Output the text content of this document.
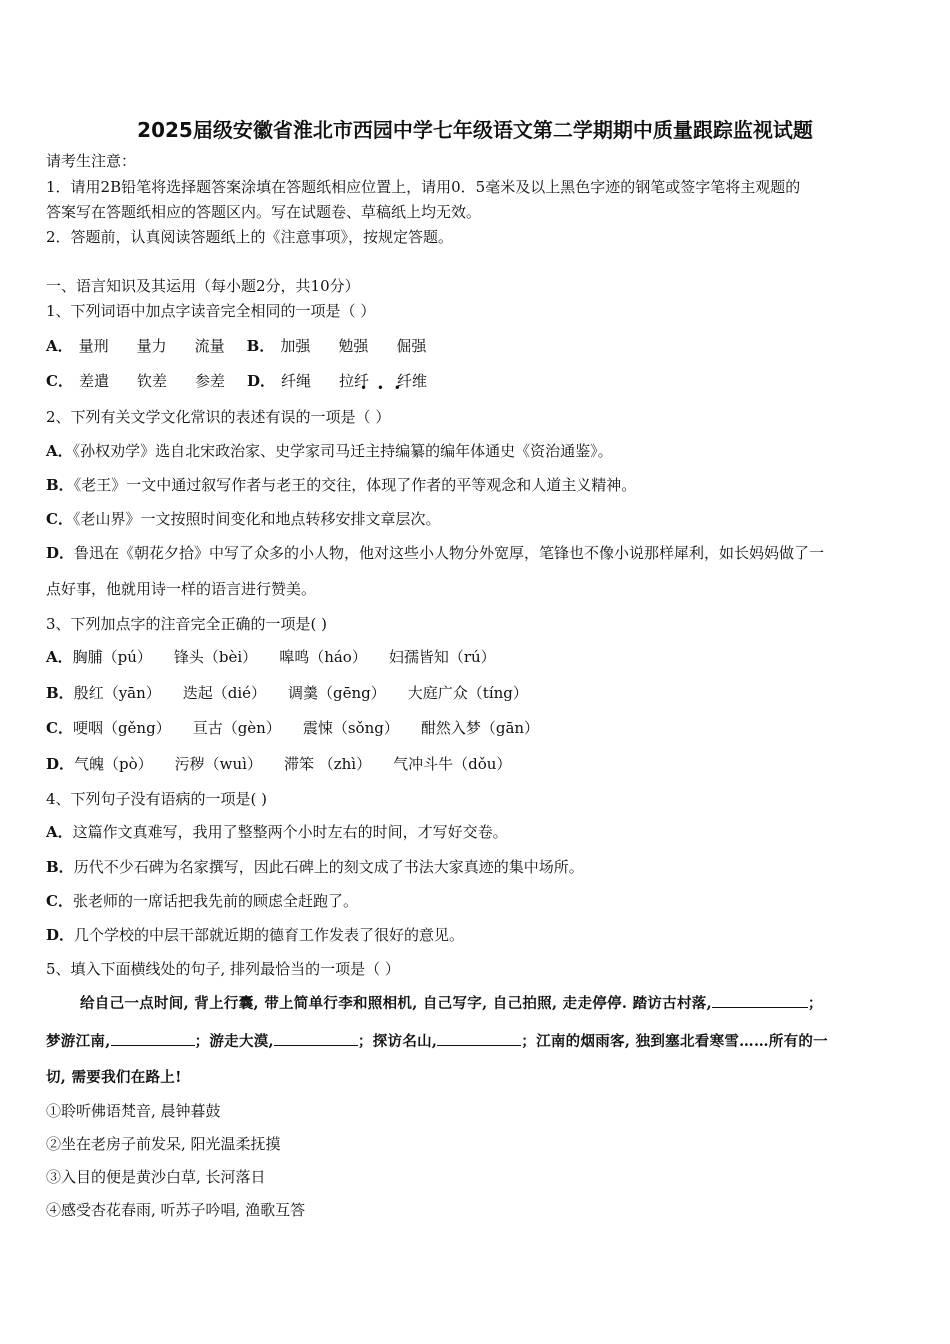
2025届级安徽省淮北市西园中学七年级语文第二学期期中质量跟踪监视试题
请考生注意：
1．请用2B铅笔将选择题答案涂填在答题纸相应位置上，请用0．5毫米及以上黑色字迹的钢笔或签字笔将主观题的
答案写在答题纸相应的答题区内。写在试题卷、草稿纸上均无效。
2．答题前，认真阅读答题纸上的《注意事项》，按规定答题。
一、语言知识及其运用（每小题2分，共10分）
1、下列词语中加点字读音完全相同的一项是（ ）
A． 量刑 量力 流量 B． 加强 勉强 倔强
C． 差遣 钦差 参差 D． 纤绳 拉纤 纤维
• • •
2、下列有关文学文化常识的表述有误的一项是（ ）
A．《孙权劝学》选自北宋政治家、史学家司马迁主持编纂的编年体通史《资治通鉴》。
B．《老王》一文中通过叙写作者与老王的交往，体现了作者的平等观念和人道主义精神。
C．《老山界》一文按照时间变化和地点转移安排文章层次。
D．鲁迅在《朝花夕拾》中写了众多的小人物，他对这些小人物分外宽厚，笔锋也不像小说那样犀利，如长妈妈做了一
点好事，他就用诗一样的语言进行赞美。
3、下列加点字的注音完全正确的一项是( )
A．胸脯（pú） 锋头（bèi） 嗥鸣（háo） 妇孺皆知（rú）
B．殷红（yān） 迭起（dié） 调羹（gēng） 大庭广众（tíng）
C．哽咽（gěng） 亘古（gèn） 震悚（sǒng） 酣然入梦（gān）
D．气魄（pò） 污秽（wuì） 滞笨 （zhì） 气冲斗牛（dǒu）
4、下列句子没有语病的一项是( )
A．这篇作文真难写，我用了整整两个小时左右的时间，才写好交卷。
B．历代不少石碑为名家撰写，因此石碑上的刻文成了书法大家真迹的集中场所。
C．张老师的一席话把我先前的顾虑全赶跑了。
D．几个学校的中层干部就近期的德育工作发表了很好的意见。
5、填入下面横线处的句子, 排列最恰当的一项是（ ）
给自己一点时间, 背上行囊, 带上简单行李和照相机, 自己写字, 自己拍照, 走走停停. 踏访古村落,	；
梦游江南,	；游走大漠,	；探访名山,	；江南的烟雨客, 独到塞北看寒雪……所有的一
切, 需要我们在路上!
①聆听佛语梵音, 晨钟暮鼓
②坐在老房子前发呆, 阳光温柔抚摸
③入目的便是黄沙白草, 长河落日
④感受杏花春雨, 听苏子吟唱, 渔歌互答
